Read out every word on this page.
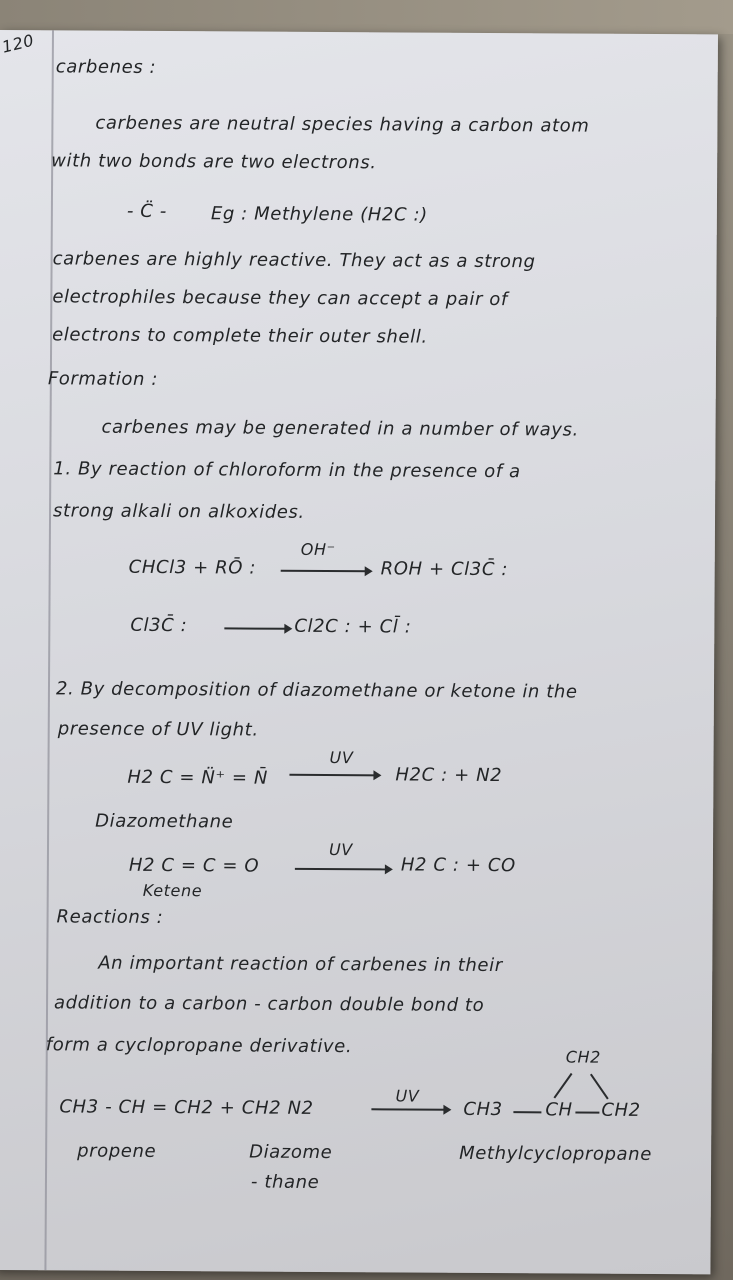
120
carbenes :
carbenes are neutral species having a carbon atom
with two bonds are two electrons.
- C̈ - Eg : Methylene (H2C :)
carbenes are highly reactive. They act as a strong
electrophiles because they can accept a pair of
electrons to complete their outer shell.
Formation :
carbenes may be generated in a number of ways.
1. By reaction of chloroform in the presence of a
strong alkali on alkoxides.
CHCl3 + RŌ :
OH⁻
ROH + Cl3C̄ :
Cl3C̄ :	Cl2C : + Cl̄ :
2. By decomposition of diazomethane or ketone in the
presence of UV light.
H2 C = N̈⁺ = N̄
UV
H2C : + N2
Diazomethane
H2 C = C = O
UV
H2 C : + CO
Ketene
Reactions :
An important reaction of carbenes in their
addition to a carbon - carbon double bond to
form a cyclopropane derivative.	CH2
CH3 - CH = CH2 + CH2 N2
UV
CH3 CH CH2
propene	Diazome
- thane
Methylcyclopropane
